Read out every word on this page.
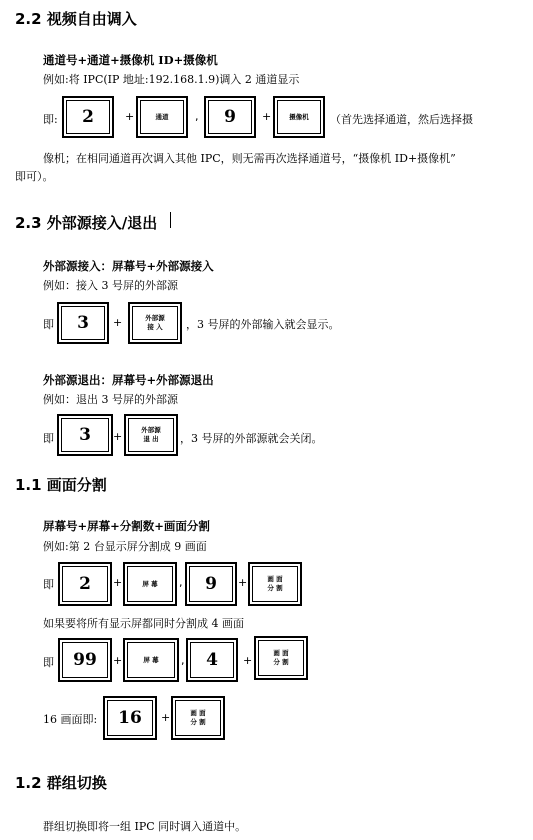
2.2 视频自由调入
通道号+通道+摄像机 ID+摄像机
例如:将 IPC(IP 地址:192.168.1.9)调入 2 通道显示
即:	2	+	通道	,	9	+	摄像机	（首先选择通道，然后选择摄
像机；在相同通道再次调入其他 IPC，则无需再次选择通道号，“摄像机 ID+摄像机”
即可）。
2.3 外部源接入/退出
外部源接入：屏幕号+外部源接入
例如：接入 3 号屏的外部源
即	3	+	外部源
接 入	，3 号屏的外部输入就会显示。
外部源退出：屏幕号+外部源退出
例如：退出 3 号屏的外部源
即	3	+	外部源
退 出	，3 号屏的外部源就会关闭。
1.1 画面分割
屏幕号+屏幕+分割数+画面分割
例如:第 2 台显示屏分割成 9 画面
即	2	+	屏 幕	,	9	+	画 面
分 割
如果要将所有显示屏都同时分割成 4 画面
即	99	+	屏 幕	,	4	+
画 面
分 割
16 画面即:	16	+	画 面
分 割
1.2 群组切换
群组切换即将一组 IPC 同时调入通道中。
